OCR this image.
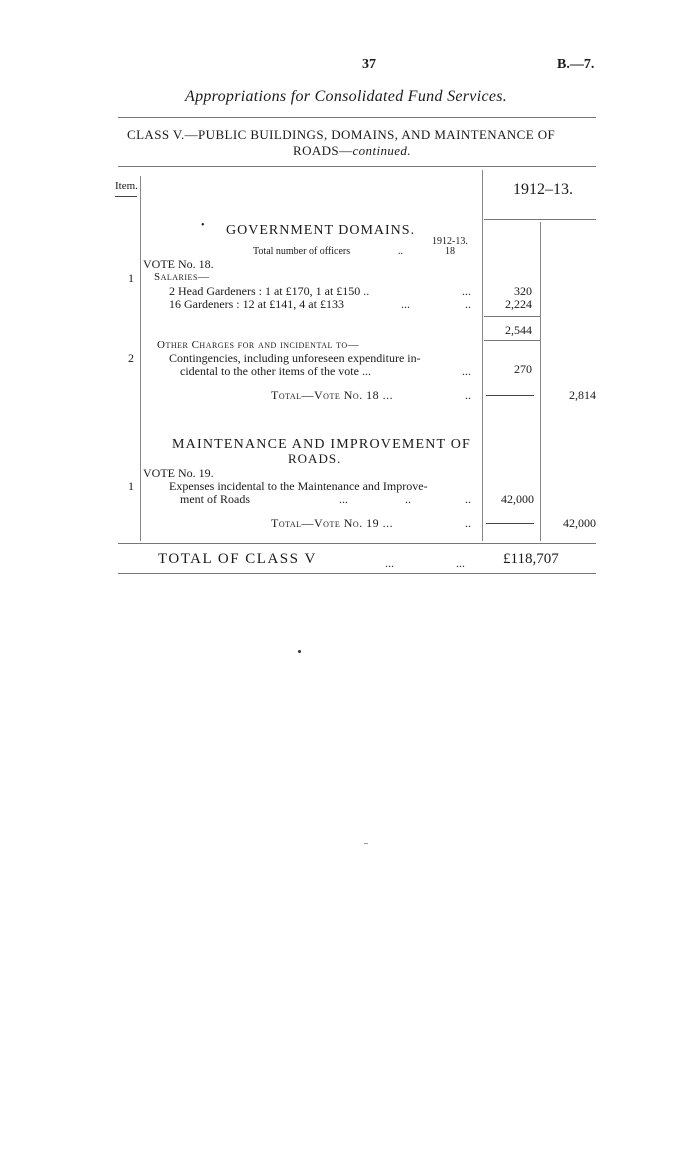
37	B.—7.
Appropriations for Consolidated Fund Services.
CLASS V.—PUBLIC BUILDINGS, DOMAINS, AND MAINTENANCE OF
ROADS—continued.
Item.	1912–13.
• GOVERNMENT DOMAINS.
1912-13.
Total number of officers	..	18
VOTE No. 18.
1 Salaries—
2 Head Gardeners : 1 at £170, 1 at £150 ..	...	320
16 Gardeners : 12 at £141, 4 at £133	...	..	2,224
2,544
Other Charges for and incidental to—
2	Contingencies, including unforeseen expenditure in-
cidental to the other items of the vote ...	...	270
Total—Vote No. 18 ...	..	2,814
MAINTENANCE AND IMPROVEMENT OF
ROADS.
VOTE No. 19.
1	Expenses incidental to the Maintenance and Improve-
ment of Roads	...	..	..	42,000
Total—Vote No. 19 ...	..	42,000
TOTAL OF CLASS V	...	...	£118,707
